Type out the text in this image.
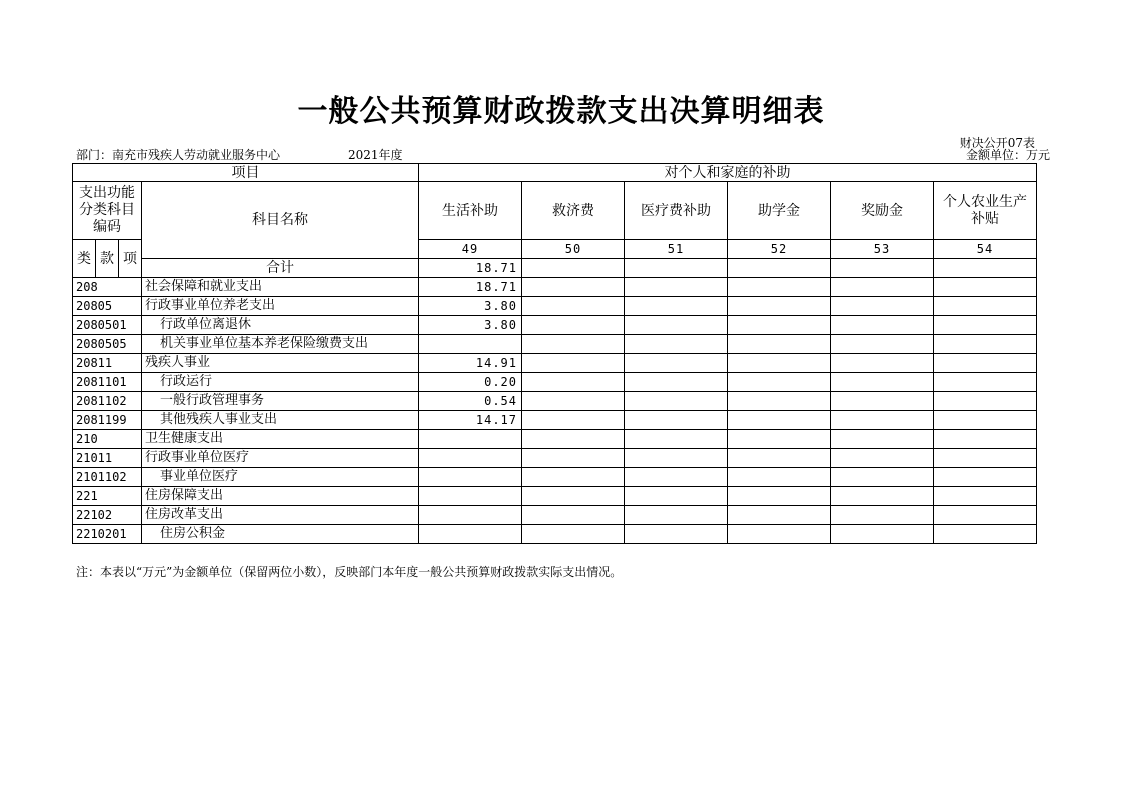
一般公共预算财政拨款支出决算明细表
财决公开07表
部门：南充市残疾人劳动就业服务中心	2021年度	金额单位：万元
项目				对个人和家庭的补助					
支出功能分类科目编码			科目名称	生活补助	救济费	医疗费补助	助学金	奖励金	个人农业生产补贴
类	款	项		49	50	51	52	53	54
			合计	18.71					
208			社会保障和就业支出	18.71					
20805			行政事业单位养老支出	3.80					
2080501			行政单位离退休	3.80					
2080505			机关事业单位基本养老保险缴费支出						
20811			残疾人事业	14.91					
2081101			行政运行	0.20					
2081102			一般行政管理事务	0.54					
2081199			其他残疾人事业支出	14.17					
210			卫生健康支出						
21011			行政事业单位医疗						
2101102			事业单位医疗						
221			住房保障支出						
22102			住房改革支出						
2210201			住房公积金						
注：本表以“万元”为金额单位（保留两位小数），反映部门本年度一般公共预算财政拨款实际支出情况。
